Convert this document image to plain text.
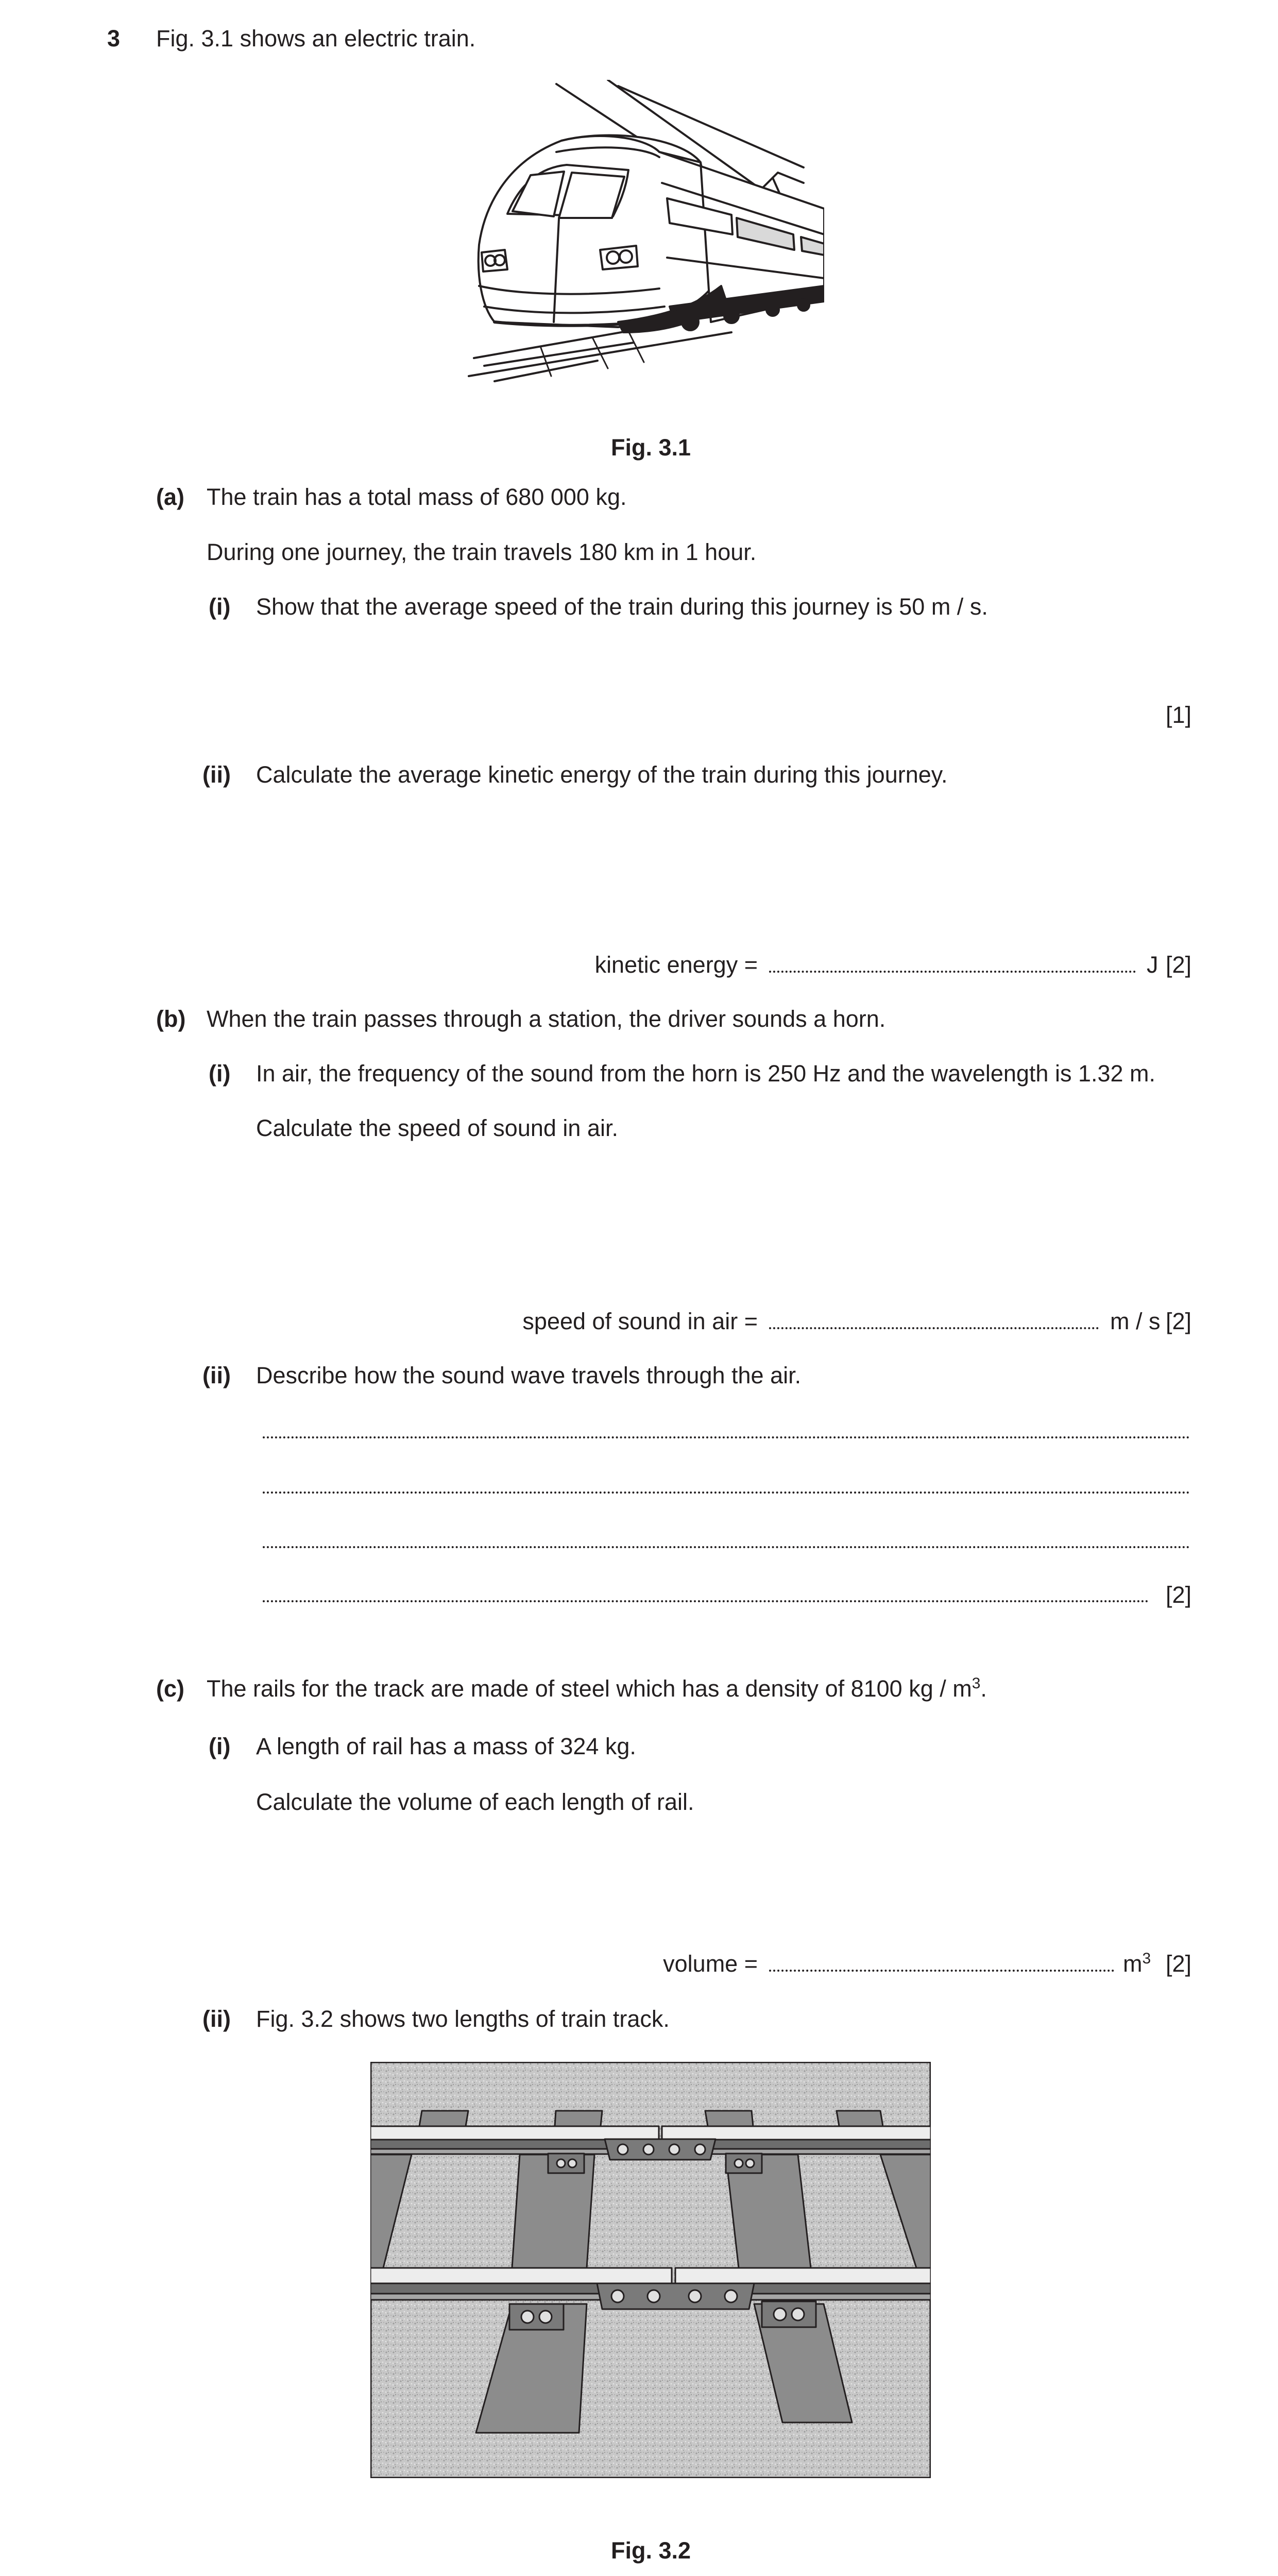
3 Fig. 3.1 shows an electric train.
Fig. 3.1
(a) The train has a total mass of 680 000 kg.
During one journey, the train travels 180 km in 1 hour.
(i) Show that the average speed of the train during this journey is 50 m / s.
[1]
(ii) Calculate the average kinetic energy of the train during this journey.
kinetic energy =	J [2]
(b) When the train passes through a station, the driver sounds a horn.
(i) In air, the frequency of the sound from the horn is 250 Hz and the wavelength is 1.32 m.
Calculate the speed of sound in air.
speed of sound in air =	m / s [2]
(ii) Describe how the sound wave travels through the air.
[2]
(c) The rails for the track are made of steel which has a density of 8100 kg / $m^3$.
(i) A length of rail has a mass of 324 kg.
Calculate the volume of each length of rail.
volume =	$m^3$ [2]
(ii) Fig. 3.2 shows two lengths of train track.
Fig. 3.2
